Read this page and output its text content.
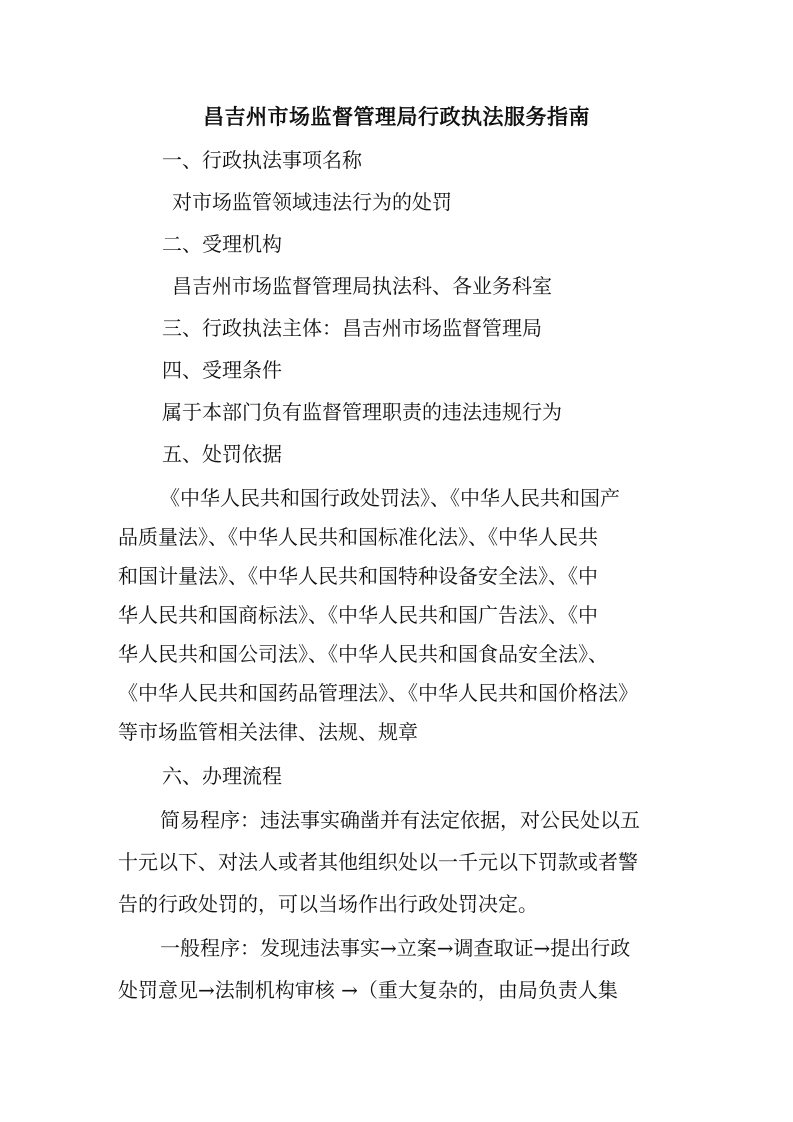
昌吉州市场监督管理局行政执法服务指南
一、行政执法事项名称
对市场监管领域违法行为的处罚
二、受理机构
昌吉州市场监督管理局执法科、各业务科室
三、行政执法主体：昌吉州市场监督管理局
四、受理条件
属于本部门负有监督管理职责的违法违规行为
五、处罚依据
《中华人民共和国行政处罚法》、《中华人民共和国产
品质量法》、《中华人民共和国标准化法》、《中华人民共
和国计量法》、《中华人民共和国特种设备安全法》、《中
华人民共和国商标法》、《中华人民共和国广告法》、《中
华人民共和国公司法》、《中华人民共和国食品安全法》、
《中华人民共和国药品管理法》、《中华人民共和国价格法》
等市场监管相关法律、法规、规章
六、办理流程
简易程序：违法事实确凿并有法定依据，对公民处以五
十元以下、对法人或者其他组织处以一千元以下罚款或者警
告的行政处罚的，可以当场作出行政处罚决定。
一般程序：发现违法事实→立案→调查取证→提出行政
处罚意见→法制机构审核 →（重大复杂的，由局负责人集
